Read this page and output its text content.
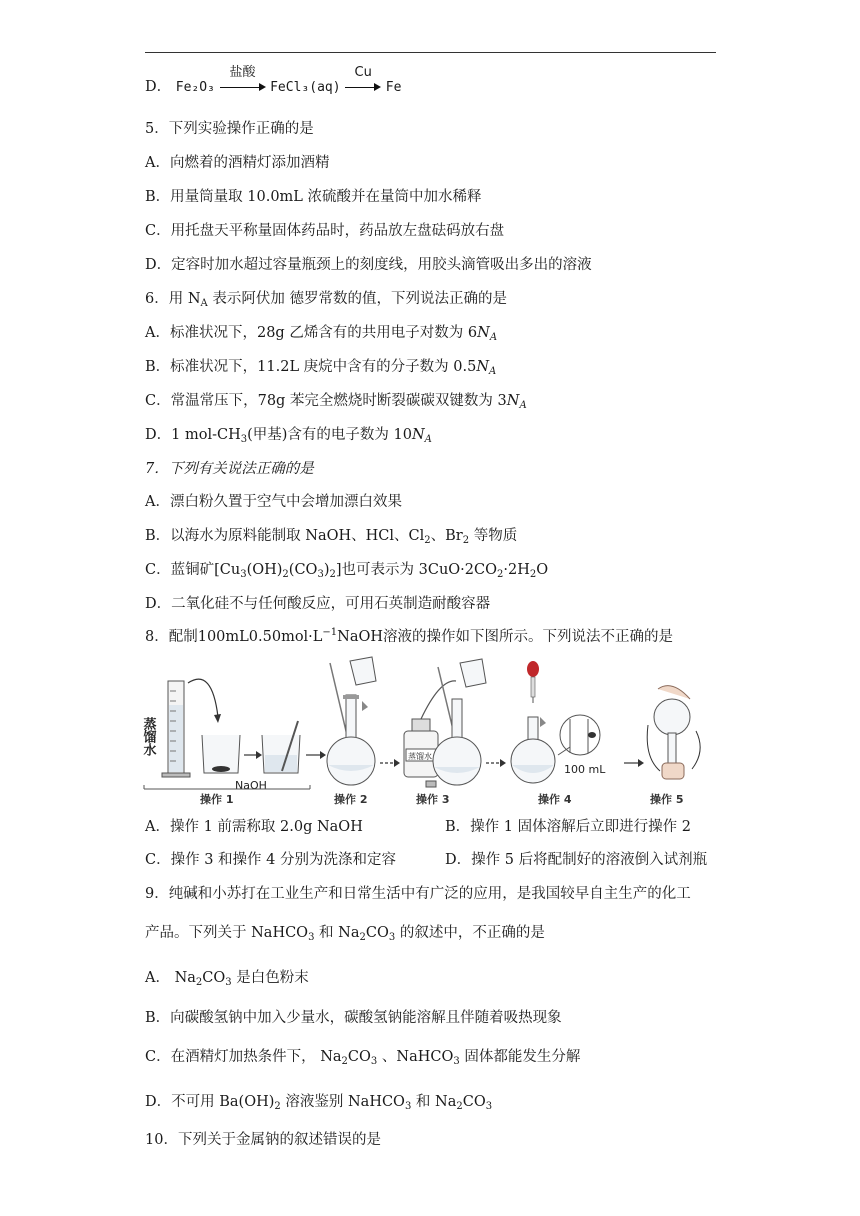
D． Fe₂O₃
盐酸
FeCl₃(aq)
Cu
Fe
5．下列实验操作正确的是
A．向燃着的酒精灯添加酒精
B．用量筒量取 10.0mL 浓硫酸并在量筒中加水稀释
C．用托盘天平称量固体药品时，药品放左盘砝码放右盘
D．定容时加水超过容量瓶颈上的刻度线，用胶头滴管吸出多出的溶液
6．用 $N_A$ 表示阿伏加 德罗常数的值，下列说法正确的是
A．标准状况下，28g 乙烯含有的共用电子对数为 $6N_A$
B．标准状况下，11.2L 庚烷中含有的分子数为 $0.5N_A$
C．常温常压下，78g 苯完全燃烧时断裂碳碳双键数为 $3N_A$
D．1 mol-$CH_3$(甲基)含有的电子数为 $10N_A$
7．下列有关说法正确的是
A．漂白粉久置于空气中会增加漂白效果
B．以海水为原料能制取 NaOH、HCl、$Cl_2$、$Br_2$ 等物质
C．蓝铜矿$[Cu_3(OH)_2(CO_3)_2]$也可表示为 $3CuO\cdot 2CO_2\cdot 2H_2O$
D．二氧化硅不与任何酸反应，可用石英制造耐酸容器
8．配制$100mL0.50mol\cdot L^{-1}NaOH$溶液的操作如下图所示。下列说法不正确的是
蒸馏水
NaOH
操作 1	操作 2
蒸馏水
操作 3
100 mL
操作 4	操作 5
A．操作 1 前需称取 2.0g NaOH	B．操作 1 固体溶解后立即进行操作 2
C．操作 3 和操作 4 分别为洗涤和定容	D．操作 5 后将配制好的溶液倒入试剂瓶
9．纯碱和小苏打在工业生产和日常生活中有广泛的应用，是我国较早自主生产的化工
产品。下列关于 NaHCO$_3$ 和 $Na_2CO_3$ 的叙述中，不正确的是
A． $Na_2CO_3$ 是白色粉末
B．向碳酸氢钠中加入少量水，碳酸氢钠能溶解且伴随着吸热现象
C．在酒精灯加热条件下， $Na_2CO_3$ 、NaHCO$_3$ 固体都能发生分解
D．不可用 $Ba(OH)_2$ 溶液鉴别 NaHCO$_3$ 和 $Na_2CO_3$
10．下列关于金属钠的叙述错误的是
